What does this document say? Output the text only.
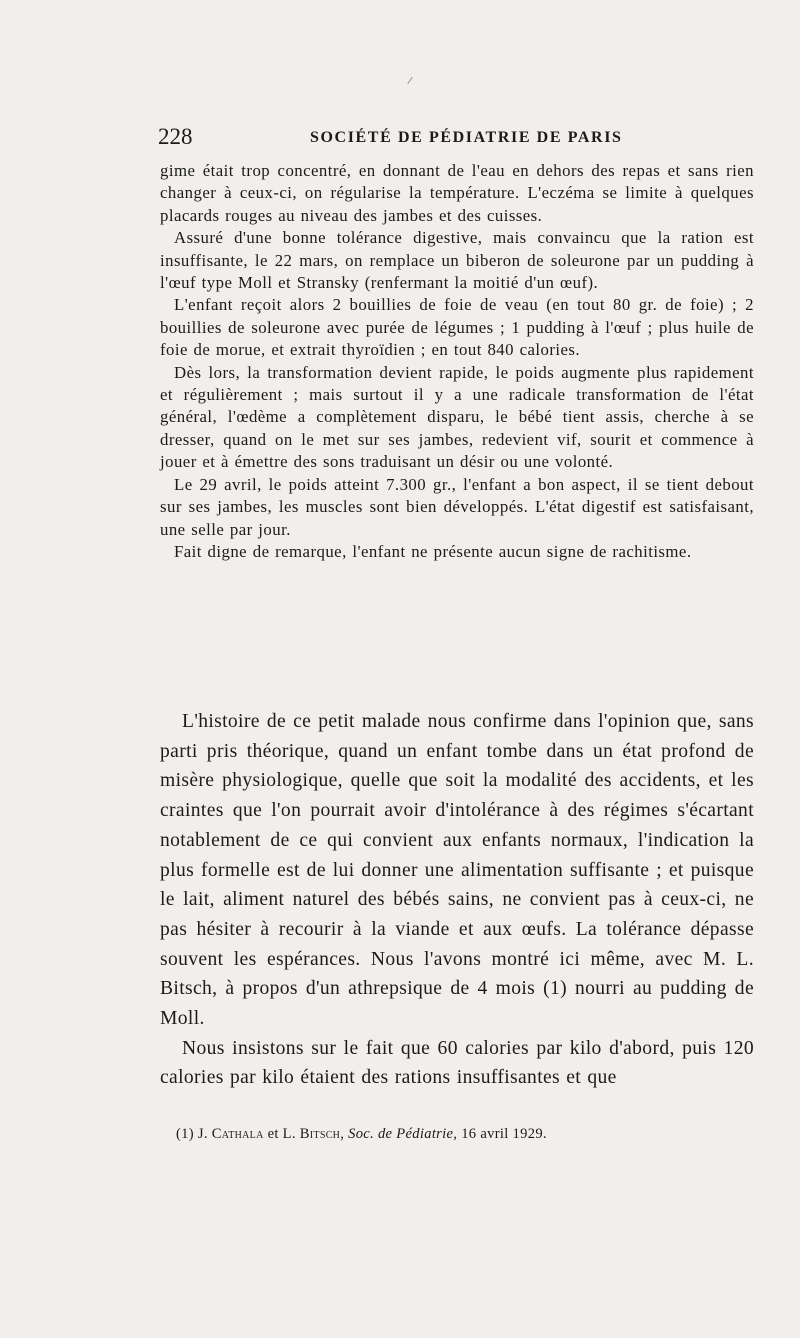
228	SOCIÉTÉ DE PÉDIATRIE DE PARIS

gime était trop concentré, en donnant de l'eau en dehors des repas et sans rien changer à ceux-ci, on régularise la température. L'eczéma se limite à quelques placards rouges au niveau des jambes et des cuisses.

Assuré d'une bonne tolérance digestive, mais convaincu que la ration est insuffisante, le 22 mars, on remplace un biberon de soleurone par un pudding à l'œuf type Moll et Stransky (renfermant la moitié d'un œuf).

L'enfant reçoit alors 2 bouillies de foie de veau (en tout 80 gr. de foie) ; 2 bouillies de soleurone avec purée de légumes ; 1 pudding à l'œuf ; plus huile de foie de morue, et extrait thyroïdien ; en tout 840 calories.

Dès lors, la transformation devient rapide, le poids augmente plus rapidement et régulièrement ; mais surtout il y a une radicale transformation de l'état général, l'œdème a complètement disparu, le bébé tient assis, cherche à se dresser, quand on le met sur ses jambes, redevient vif, sourit et commence à jouer et à émettre des sons traduisant un désir ou une volonté.

Le 29 avril, le poids atteint 7.300 gr., l'enfant a bon aspect, il se tient debout sur ses jambes, les muscles sont bien développés. L'état digestif est satisfaisant, une selle par jour.

Fait digne de remarque, l'enfant ne présente aucun signe de rachitisme.

L'histoire de ce petit malade nous confirme dans l'opinion que, sans parti pris théorique, quand un enfant tombe dans un état profond de misère physiologique, quelle que soit la modalité des accidents, et les craintes que l'on pourrait avoir d'intolérance à des régimes s'écartant notablement de ce qui convient aux enfants normaux, l'indication la plus formelle est de lui donner une alimentation suffisante ; et puisque le lait, aliment naturel des bébés sains, ne convient pas à ceux-ci, ne pas hésiter à recourir à la viande et aux œufs. La tolérance dépasse souvent les espérances. Nous l'avons montré ici même, avec M. L. Bitsch, à propos d'un athrepsique de 4 mois (1) nourri au pudding de Moll.

Nous insistons sur le fait que 60 calories par kilo d'abord, puis 120 calories par kilo étaient des rations insuffisantes et que

(1) J. Cathala et L. Bitsch, Soc. de Pédiatrie, 16 avril 1929.
